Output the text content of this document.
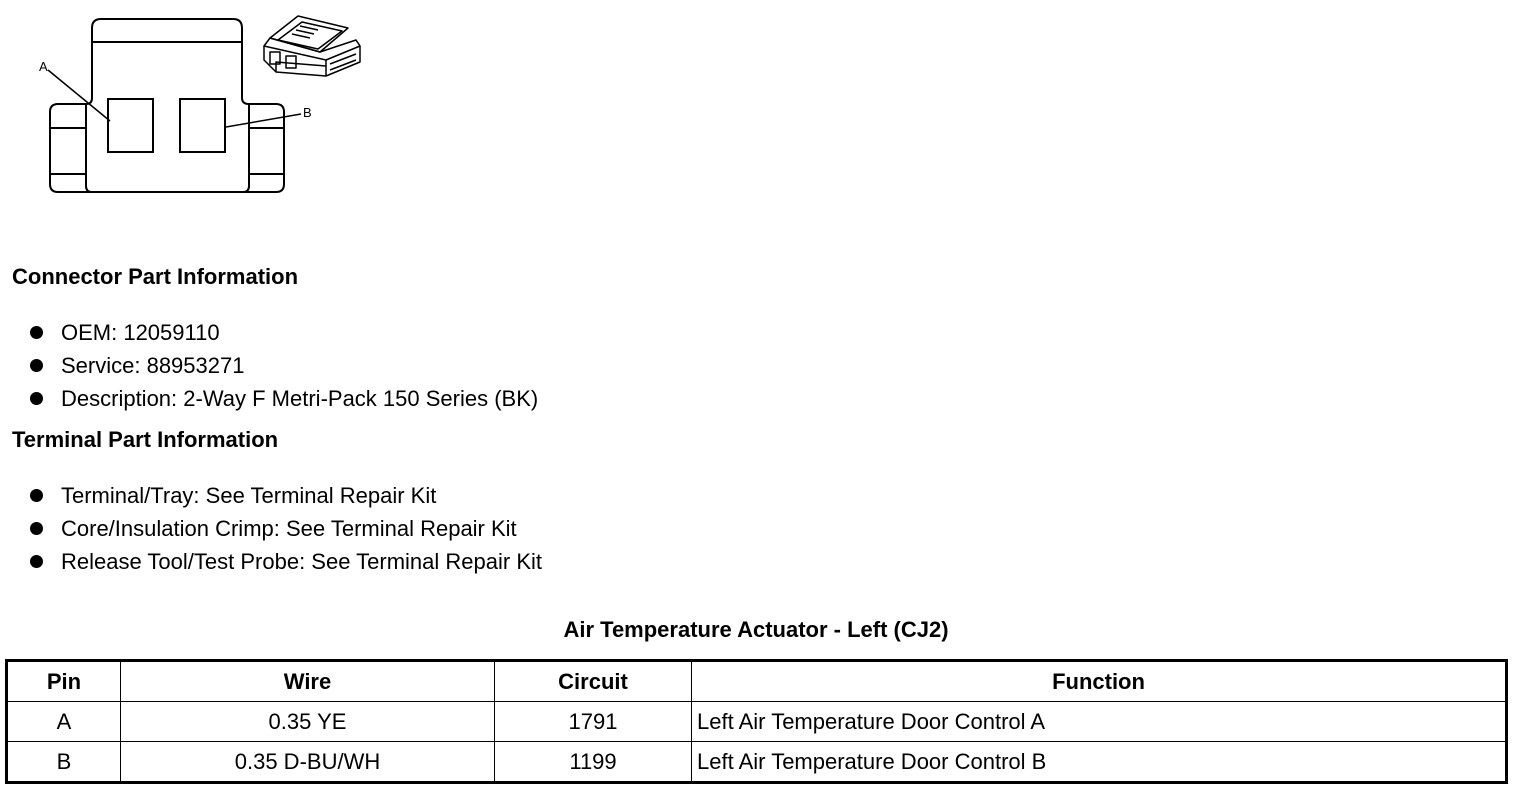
A
B
Connector Part Information
OEM: 12059110
Service: 88953271
Description: 2-Way F Metri-Pack 150 Series (BK)
Terminal Part Information
Terminal/Tray: See Terminal Repair Kit
Core/Insulation Crimp: See Terminal Repair Kit
Release Tool/Test Probe: See Terminal Repair Kit
Air Temperature Actuator - Left (CJ2)
Pin	Wire	Circuit	Function
A	0.35 YE	1791	Left Air Temperature Door Control A
B	0.35 D-BU/WH	1199	Left Air Temperature Door Control B
